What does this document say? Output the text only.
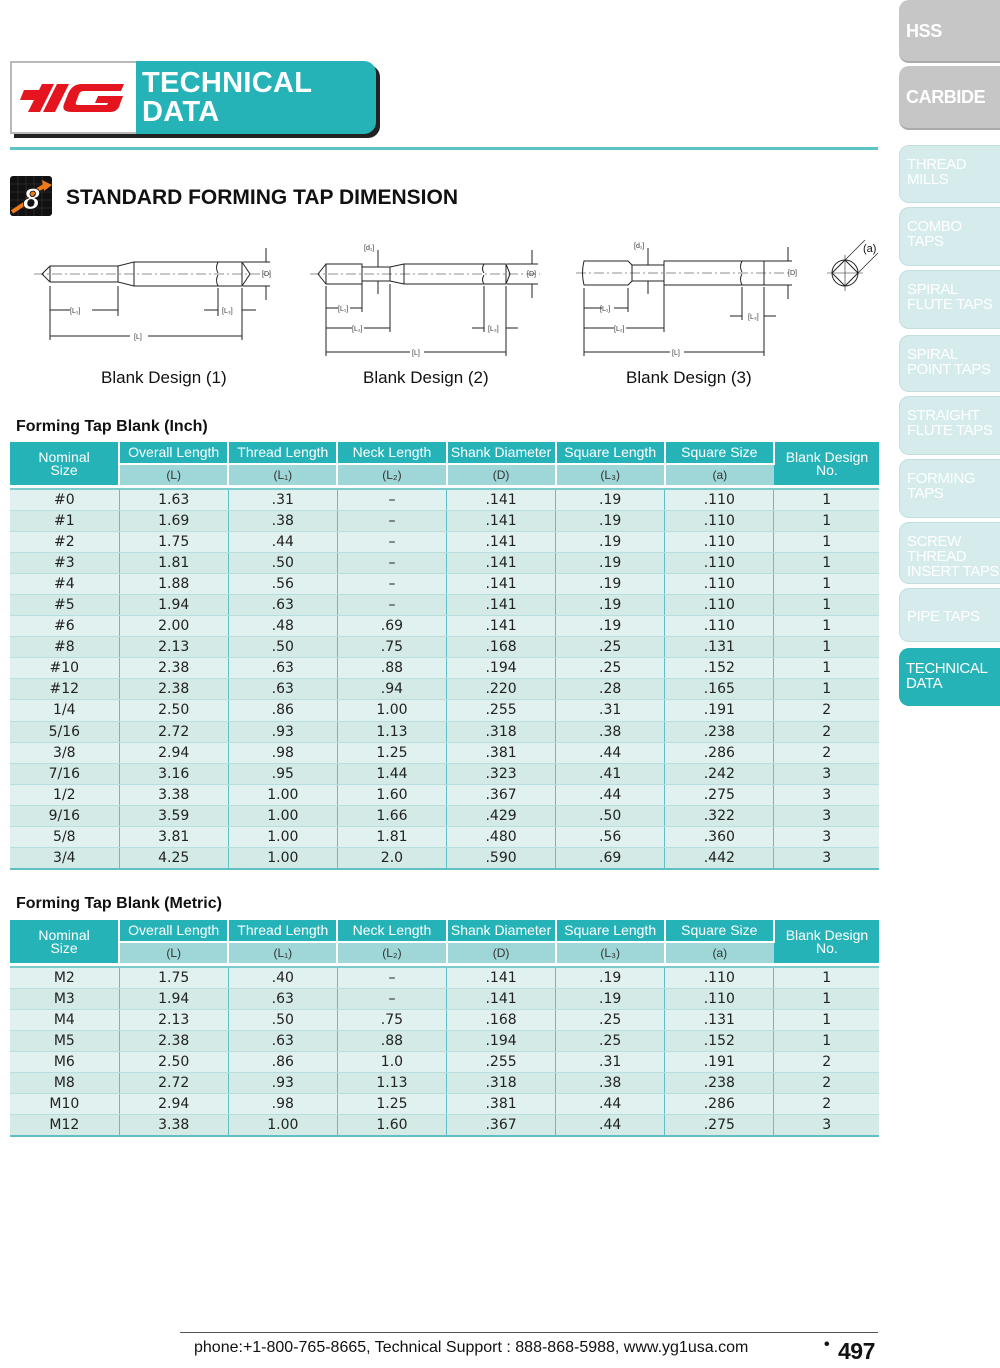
TECHNICAL
DATA
8 STANDARD FORMING TAP DIMENSION
[L₁]	[L₃]
[L]
[D]
Blank Design (1)
[d₁]
[L₁]
[L₂]	[L₃]
[L]
[D]
Blank Design (2)
[d₁]
[L₁]
[L₂]
[L₃]
[L]
[D]
(a)
Blank Design (3)
Forming Tap Blank (Inch)
Nominal
Size	Overall Length	Thread Length	Neck Length	Shank Diameter	Square Length	Square Size	Blank Design
No.
	(L)	(L₁)	(L₂)	(D)	(L₃)	(a)	

#0	1.63	.31	–	.141	.19	.110	1
#1	1.69	.38	–	.141	.19	.110	1
#2	1.75	.44	–	.141	.19	.110	1
#3	1.81	.50	–	.141	.19	.110	1
#4	1.88	.56	–	.141	.19	.110	1
#5	1.94	.63	–	.141	.19	.110	1
#6	2.00	.48	.69	.141	.19	.110	1
#8	2.13	.50	.75	.168	.25	.131	1
#10	2.38	.63	.88	.194	.25	.152	1
#12	2.38	.63	.94	.220	.28	.165	1
1/4	2.50	.86	1.00	.255	.31	.191	2
5/16	2.72	.93	1.13	.318	.38	.238	2
3/8	2.94	.98	1.25	.381	.44	.286	2
7/16	3.16	.95	1.44	.323	.41	.242	3
1/2	3.38	1.00	1.60	.367	.44	.275	3
9/16	3.59	1.00	1.66	.429	.50	.322	3
5/8	3.81	1.00	1.81	.480	.56	.360	3
3/4	4.25	1.00	2.0	.590	.69	.442	3
Forming Tap Blank (Metric)
Nominal
Size	Overall Length	Thread Length	Neck Length	Shank Diameter	Square Length	Square Size	Blank Design
No.
	(L)	(L₁)	(L₂)	(D)	(L₃)	(a)	

M2	1.75	.40	–	.141	.19	.110	1
M3	1.94	.63	–	.141	.19	.110	1
M4	2.13	.50	.75	.168	.25	.131	1
M5	2.38	.63	.88	.194	.25	.152	1
M6	2.50	.86	1.0	.255	.31	.191	2
M8	2.72	.93	1.13	.318	.38	.238	2
M10	2.94	.98	1.25	.381	.44	.286	2
M12	3.38	1.00	1.60	.367	.44	.275	3
HSS
CARBIDE
THREAD
MILLS
COMBO
TAPS
SPIRAL
FLUTE TAPS
SPIRAL
POINT TAPS
STRAIGHT
FLUTE TAPS
FORMING
TAPS
SCREW
THREAD
INSERT TAPS
PIPE TAPS
TECHNICAL
DATA
phone:+1-800-765-8665, Technical Support : 888-868-5988, www.yg1usa.com	• 497
